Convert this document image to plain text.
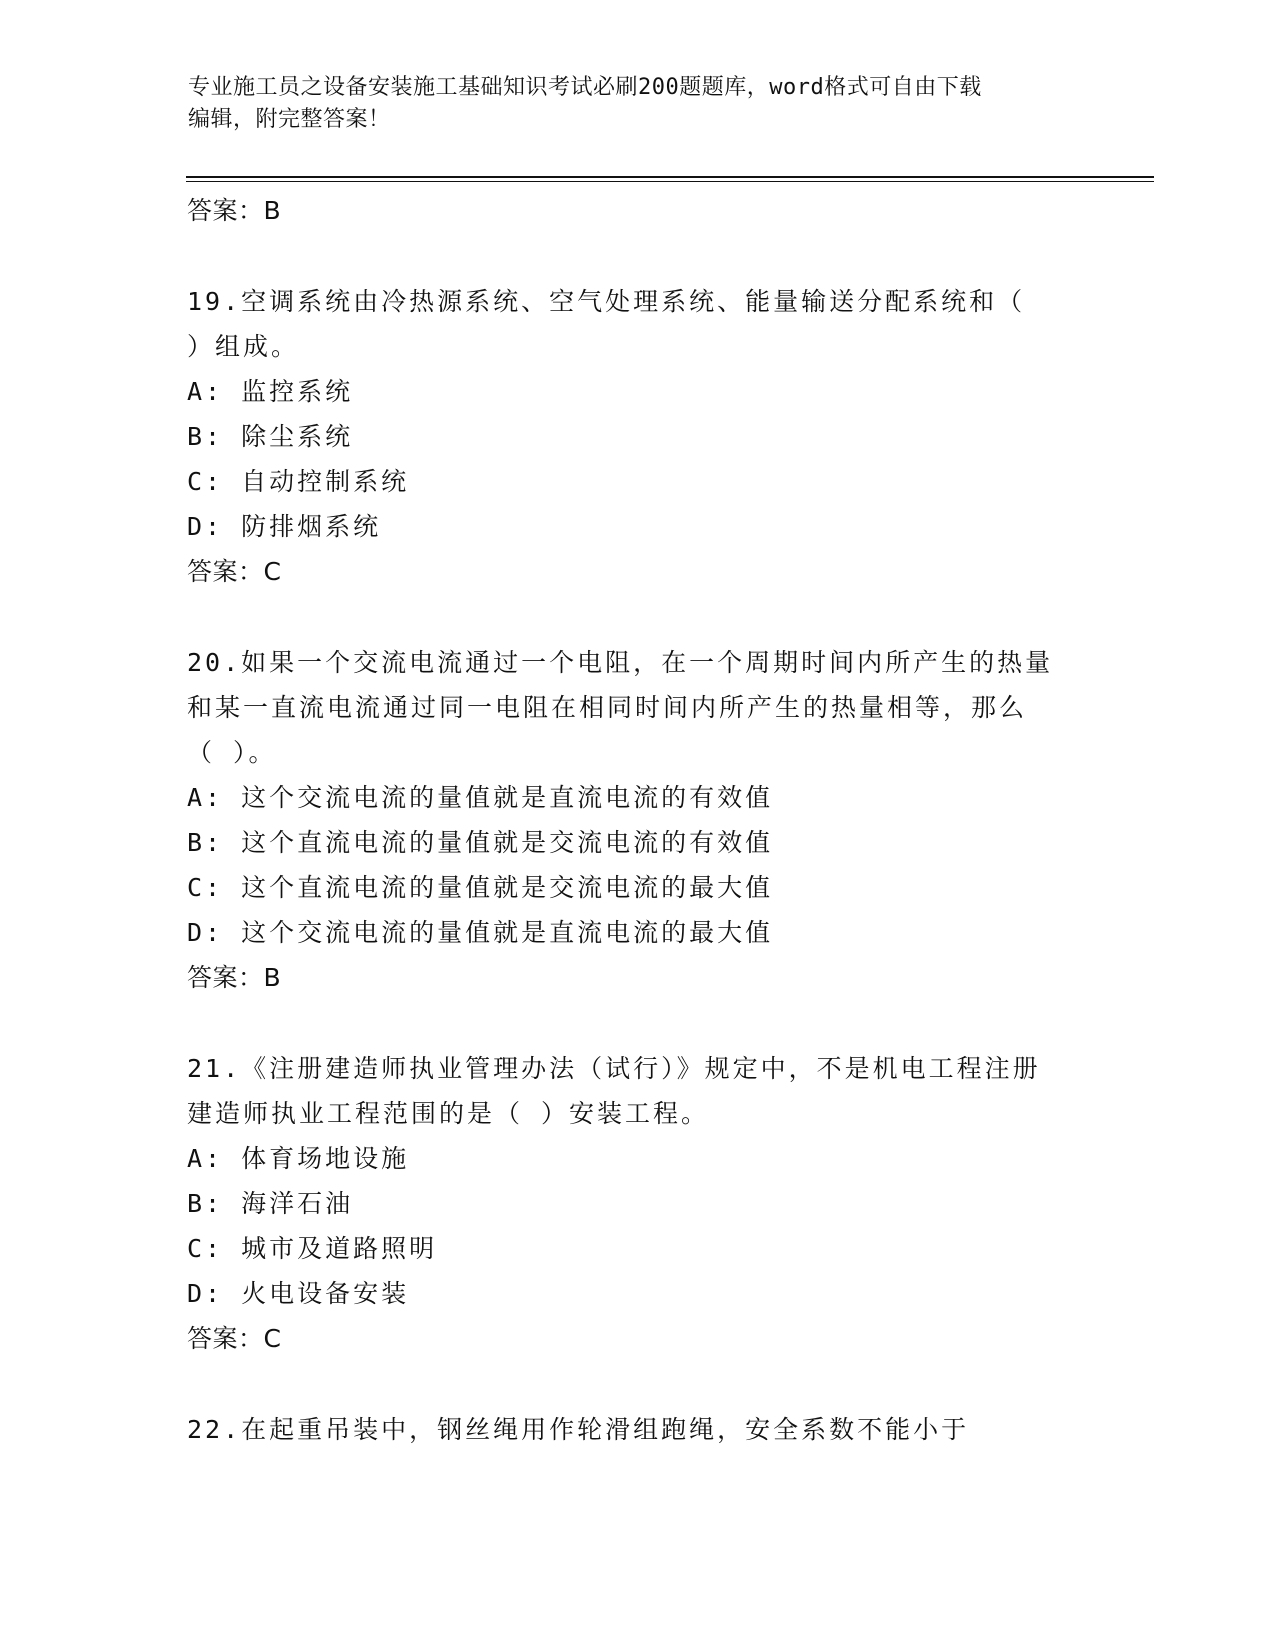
专业施工员之设备安装施工基础知识考试必刷200题题库，word格式可自由下载
编辑，附完整答案！
答案：B
19.空调系统由冷热源系统、空气处理系统、能量输送分配系统和（
）组成。
A: 监控系统
B: 除尘系统
C: 自动控制系统
D: 防排烟系统
答案：C
20.如果一个交流电流通过一个电阻，在一个周期时间内所产生的热量
和某一直流电流通过同一电阻在相同时间内所产生的热量相等，那么
（ ）。
A: 这个交流电流的量值就是直流电流的有效值
B: 这个直流电流的量值就是交流电流的有效值
C: 这个直流电流的量值就是交流电流的最大值
D: 这个交流电流的量值就是直流电流的最大值
答案：B
21.《注册建造师执业管理办法（试行）》规定中，不是机电工程注册
建造师执业工程范围的是（ ）安装工程。
A: 体育场地设施
B: 海洋石油
C: 城市及道路照明
D: 火电设备安装
答案：C
22.在起重吊装中，钢丝绳用作轮滑组跑绳，安全系数不能小于
